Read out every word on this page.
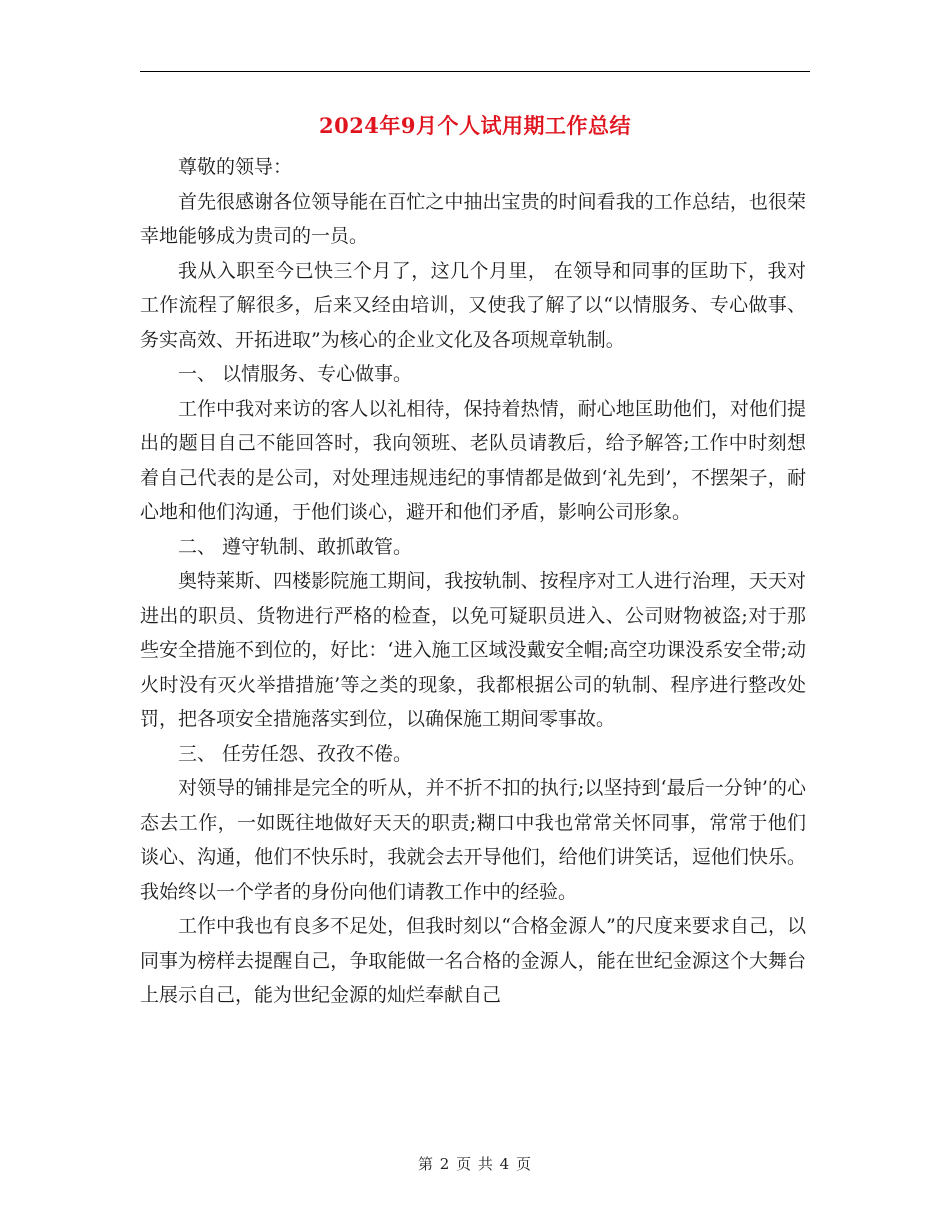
2024年9月个人试用期工作总结

尊敬的领导：

首先很感谢各位领导能在百忙之中抽出宝贵的时间看我的工作总结，也很荣幸地能够成为贵司的一员。

我从入职至今已快三个月了，这几个月里， 在领导和同事的匡助下，我对工作流程了解很多，后来又经由培训，又使我了解了以“以情服务、专心做事、务实高效、开拓进取”为核心的企业文化及各项规章轨制。

一、 以情服务、专心做事。

工作中我对来访的客人以礼相待，保持着热情，耐心地匡助他们，对他们提出的题目自己不能回答时，我向领班、老队员请教后，给予解答;工作中时刻想着自己代表的是公司，对处理违规违纪的事情都是做到‘礼先到’，不摆架子，耐心地和他们沟通，于他们谈心，避开和他们矛盾，影响公司形象。

二、 遵守轨制、敢抓敢管。

奥特莱斯、四楼影院施工期间，我按轨制、按程序对工人进行治理，天天对进出的职员、货物进行严格的检查，以免可疑职员进入、公司财物被盗;对于那些安全措施不到位的，好比：‘进入施工区域没戴安全帽;高空功课没系安全带;动火时没有灭火举措措施’等之类的现象，我都根据公司的轨制、程序进行整改处罚，把各项安全措施落实到位，以确保施工期间零事故。

三、 任劳任怨、孜孜不倦。

对领导的铺排是完全的听从，并不折不扣的执行;以坚持到‘最后一分钟’的心态去工作，一如既往地做好天天的职责;糊口中我也常常关怀同事，常常于他们谈心、沟通，他们不快乐时，我就会去开导他们，给他们讲笑话，逗他们快乐。我始终以一个学者的身份向他们请教工作中的经验。

工作中我也有良多不足处，但我时刻以“合格金源人”的尺度来要求自己，以同事为榜样去提醒自己，争取能做一名合格的金源人，能在世纪金源这个大舞台上展示自己，能为世纪金源的灿烂奉献自己

第 2 页 共 4 页
